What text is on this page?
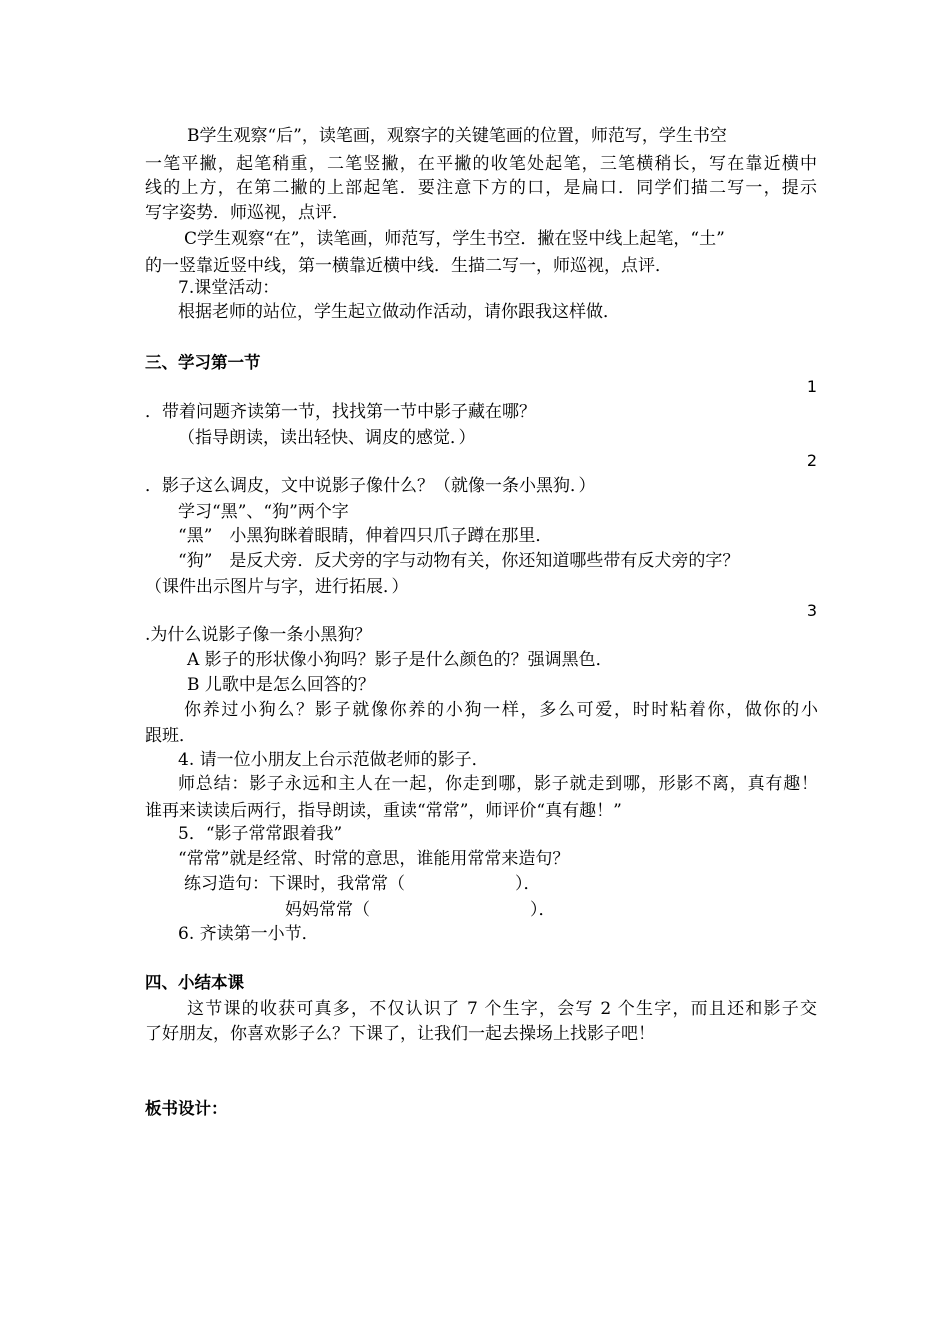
B学生观察“后”，读笔画，观察字的关键笔画的位置，师范写，学生书空
一笔平撇，起笔稍重，二笔竖撇，在平撇的收笔处起笔，三笔横稍长，写在靠近横中
线的上方，在第二撇的上部起笔．要注意下方的口，是扁口．同学们描二写一，提示
写字姿势．师巡视，点评．
C学生观察“在”，读笔画，师范写，学生书空．撇在竖中线上起笔，“土”
的一竖靠近竖中线，第一横靠近横中线．生描二写一，师巡视，点评．
7.课堂活动：
根据老师的站位，学生起立做动作活动，请你跟我这样做．
三、学习第一节
1
．带着问题齐读第一节，找找第一节中影子藏在哪？
（指导朗读，读出轻快、调皮的感觉．）
2
．影子这么调皮，文中说影子像什么？（就像一条小黑狗．）
学习“黑”、“狗”两个字
“黑”　小黑狗眯着眼睛，伸着四只爪子蹲在那里．
“狗”　是反犬旁．反犬旁的字与动物有关，你还知道哪些带有反犬旁的字？
（课件出示图片与字，进行拓展．）
3
.为什么说影子像一条小黑狗？
A 影子的形状像小狗吗？影子是什么颜色的？强调黑色．
B 儿歌中是怎么回答的？
你养过小狗么？影子就像你养的小狗一样，多么可爱，时时粘着你，做你的小
跟班．
4. 请一位小朋友上台示范做老师的影子．
师总结：影子永远和主人在一起，你走到哪，影子就走到哪，形影不离，真有趣！
谁再来读读后两行，指导朗读，重读“常常”，师评价“真有趣！”
5．“影子常常跟着我”
“常常”就是经常、时常的意思，谁能用常常来造句？
练习造句：下课时，我常常（	）．
妈妈常常（	）．
6. 齐读第一小节．
四、小结本课
这节课的收获可真多，不仅认识了 7 个生字，会写 2 个生字，而且还和影子交
了好朋友，你喜欢影子么？下课了，让我们一起去操场上找影子吧！
板书设计：
